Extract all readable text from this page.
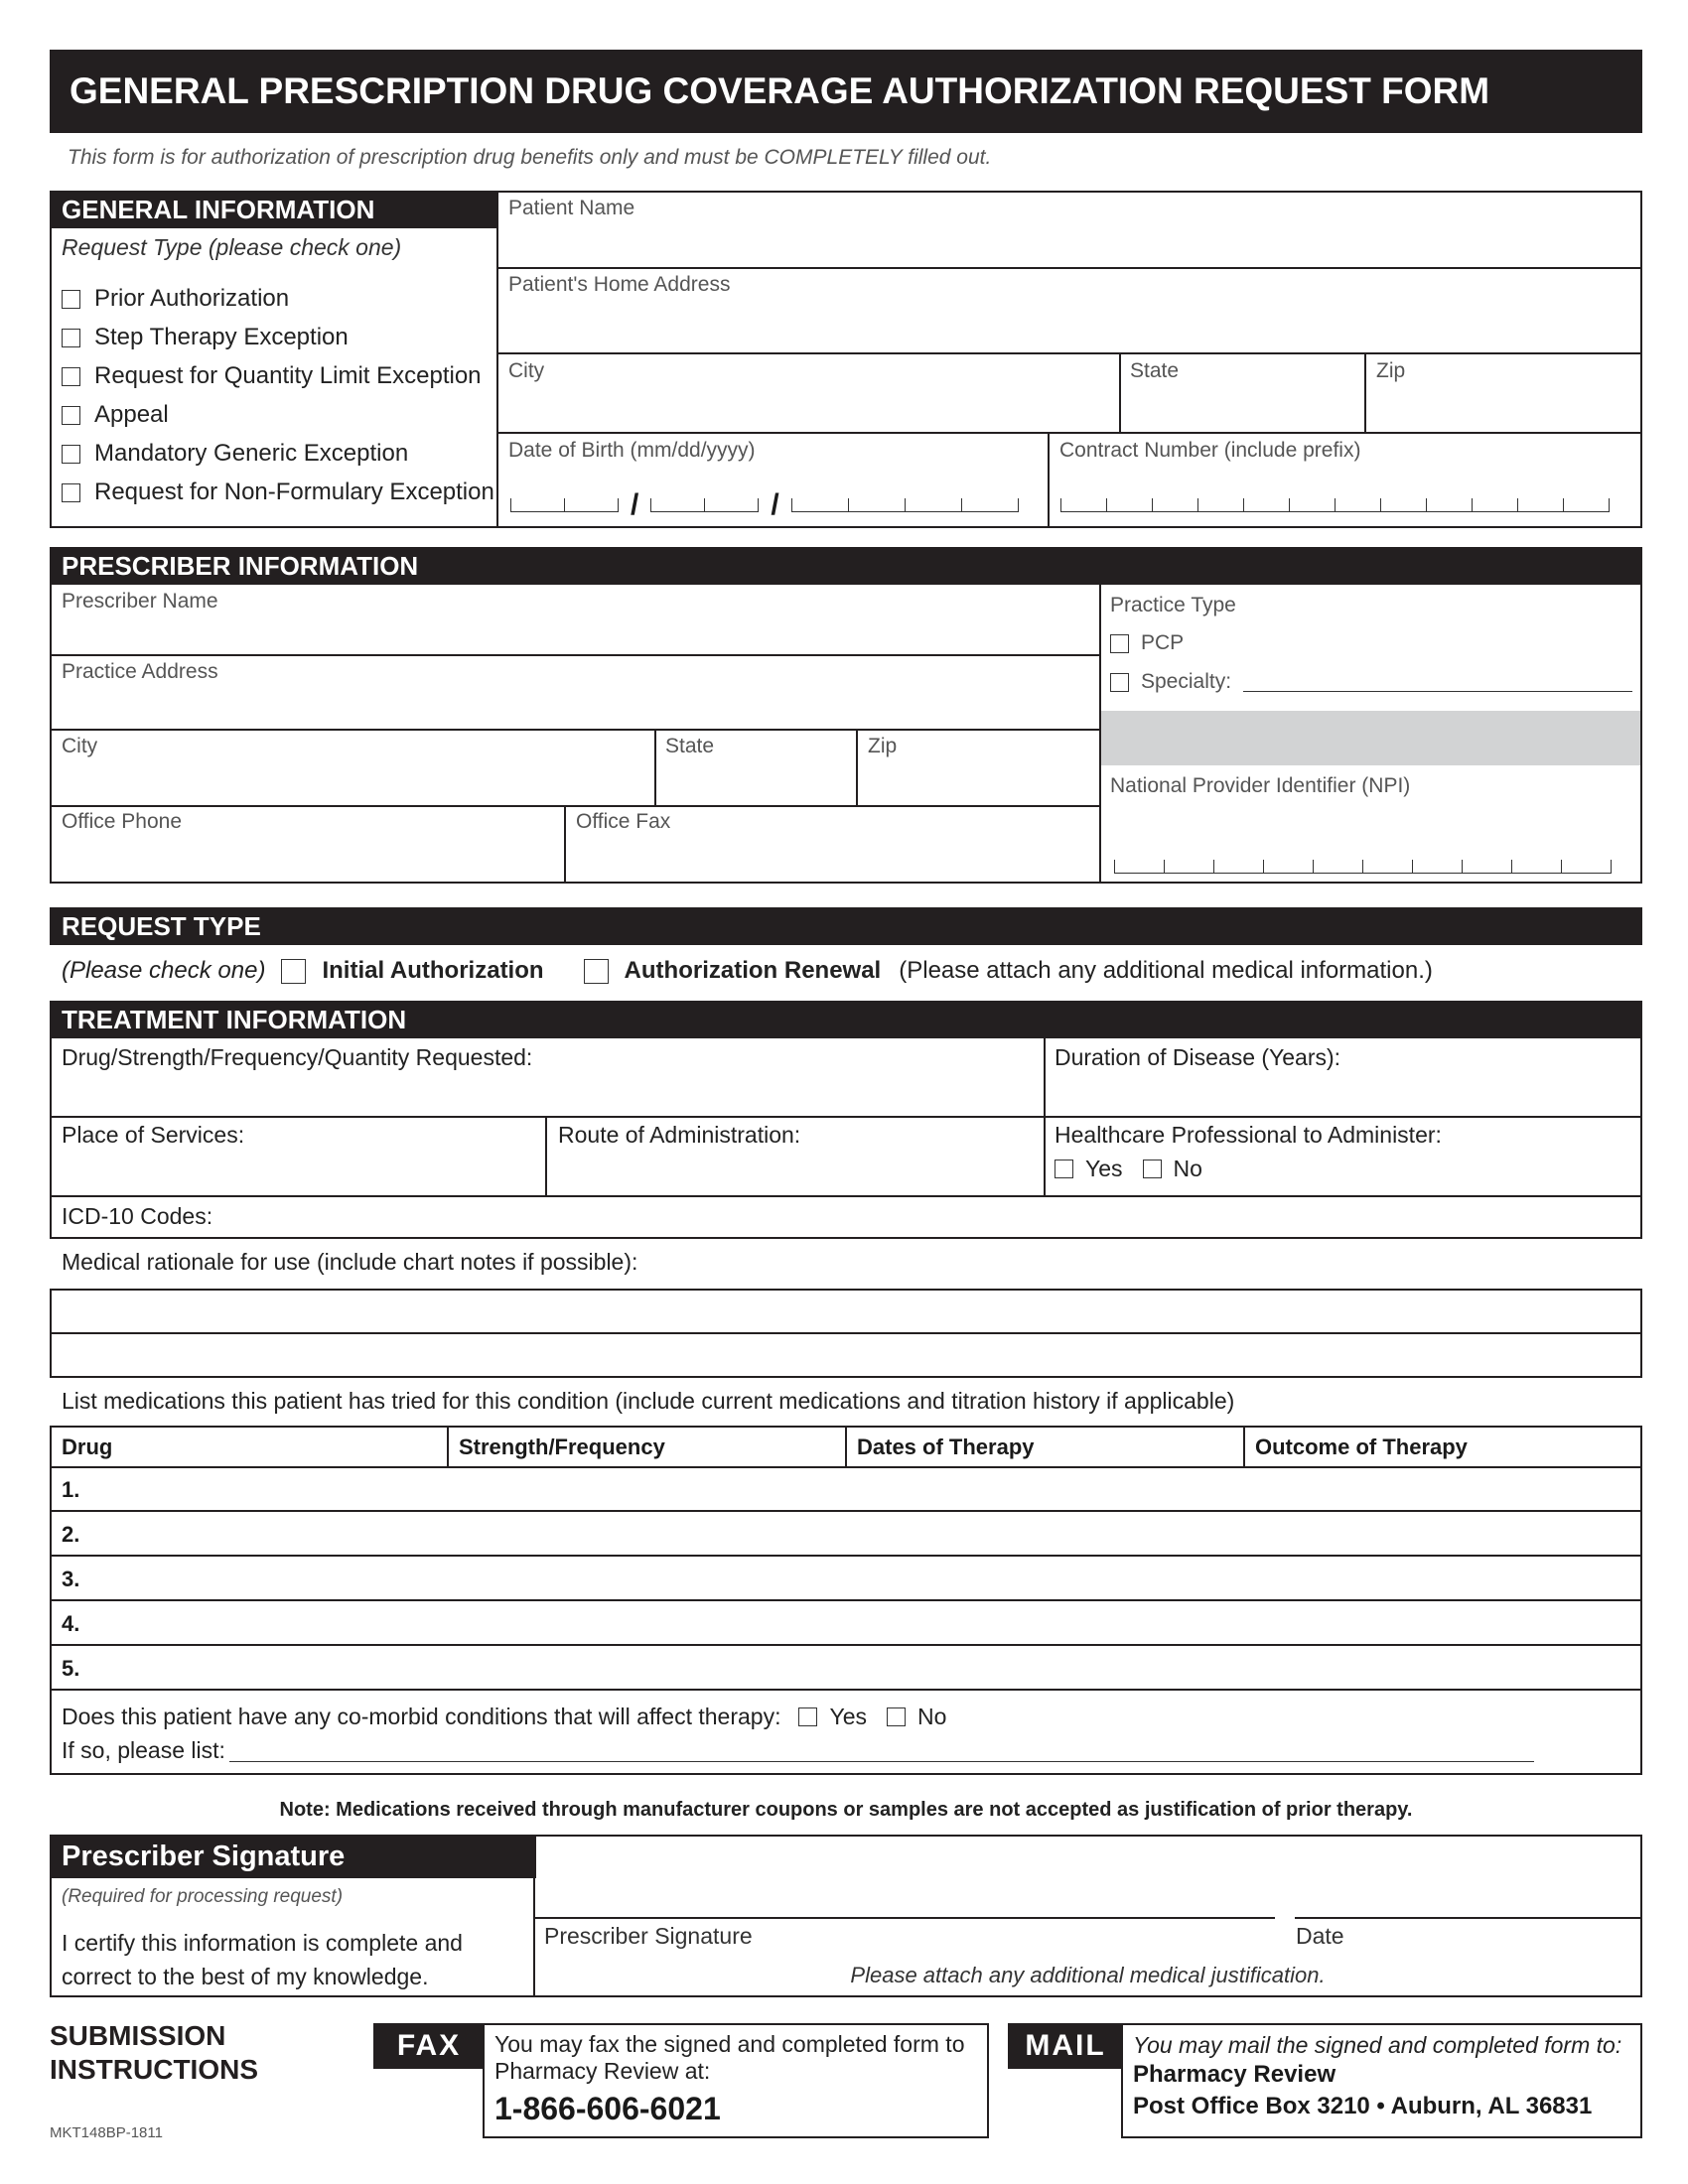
GENERAL PRESCRIPTION DRUG COVERAGE AUTHORIZATION REQUEST FORM
This form is for authorization of prescription drug benefits only and must be COMPLETELY filled out.
GENERAL INFORMATION
Request Type (please check one)
Prior Authorization
Step Therapy Exception
Request for Quantity Limit Exception
Appeal
Mandatory Generic Exception
Request for Non-Formulary Exception
Patient Name
Patient's Home Address
City	State	Zip
Date of Birth (mm/dd/yyyy)	Contract Number (include prefix)
/	/
PRESCRIBER INFORMATION
Prescriber Name
Practice Address
City	State	Zip
Office Phone	Office Fax
Practice Type
PCP
Specialty:
National Provider Identifier (NPI)
REQUEST TYPE
(Please check one) Initial Authorization	Authorization Renewal (Please attach any additional medical information.)
TREATMENT INFORMATION
Drug/Strength/Frequency/Quantity Requested:	Duration of Disease (Years):
Place of Services:	Route of Administration:	Healthcare Professional to Administer:
Yes No
ICD-10 Codes:
Medical rationale for use (include chart notes if possible):
List medications this patient has tried for this condition (include current medications and titration history if applicable)
Drug	Strength/Frequency	Dates of Therapy	Outcome of Therapy
1.
2.
3.
4.
5.
Does this patient have any co-morbid conditions that will affect therapy: Yes No
If so, please list:
Note: Medications received through manufacturer coupons or samples are not accepted as justification of prior therapy.
Prescriber Signature
(Required for processing request)
I certify this information is complete and correct to the best of my knowledge.
Prescriber Signature	Date
Please attach any additional medical justification.
SUBMISSION
INSTRUCTIONS
MKT148BP-1811
FAX You may fax the signed and completed form to Pharmacy Review at:
1-866-606-6021
MAIL You may mail the signed and completed form to:
Pharmacy Review
Post Office Box 3210 • Auburn, AL 36831
